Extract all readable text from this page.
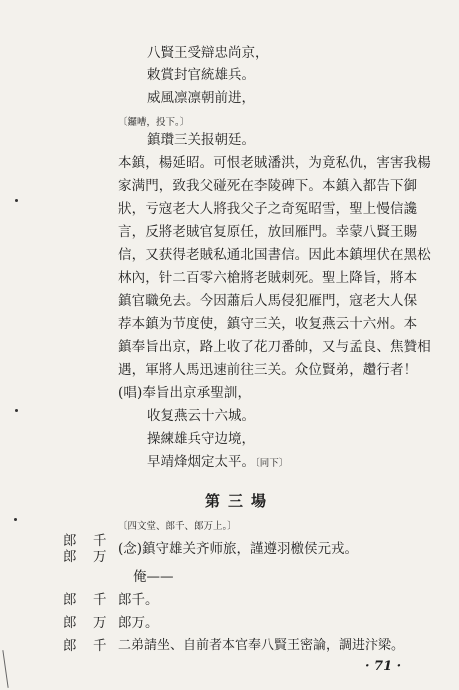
八賢王受辯忠尚京，
敕賞封官統雄兵。
威風凛凛朝前进，
〔鑼嘈，投下。〕
鎮瓚三关报朝廷。
本鎮，楊延昭。可恨老賊潘洪，为竟私仇，害害我楊
家满門，致我父碰死在李陵碑下。本鎮入都告下御
狀，亏寇老大人將我父子之奇冤昭雪，聖上慢信讒
言，反將老賊官复原任，放回雁門。幸蒙八賢王賜
信，又获得老賊私通北国書信。因此本鎮埋伏在黑松
林內，针二百零六槍將老賊刺死。聖上降旨，將本
鎮官職免去。今因蕭后人馬侵犯雁門，寇老大人保
荐本鎮为节度使，鎮守三关，收复燕云十六州。本
鎮奉旨出京，路上收了花刀番帥，又与孟良、焦贊相
遇，軍將人馬迅速前往三关。众位賢弟，趲行者！
(唱)奉旨出京承聖訓，
收复燕云十六城。
操練雄兵守边境，
早靖烽烟定太平。〔同下〕
第三場
〔四文堂、郎千、郎万上。〕
郎 千
郎 万 (念)鎮守雄关齐师旅，謹遵羽檄侯元戎。
俺——
郎 千 郎千。
郎 万 郎万。
郎 千 二弟請坐、自前者本官奉八賢王密論，調进汴梁。
· 71 ·
